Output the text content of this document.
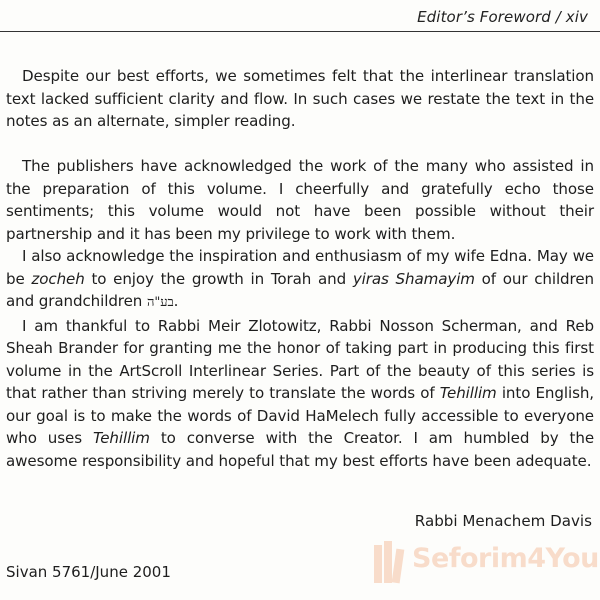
Editor’s Foreword / xiv

Despite our best efforts, we sometimes felt that the interlinear translation text lacked sufficient clarity and flow. In such cases we restate the text in the notes as an alternate, simpler reading.

The publishers have acknowledged the work of the many who assisted in the preparation of this volume. I cheerfully and gratefully echo those sentiments; this volume would not have been possible without their partnership and it has been my privilege to work with them.

I also acknowledge the inspiration and enthusiasm of my wife Edna. May we be zocheh to enjoy the growth in Torah and yiras Shamayim of our children and grandchildren בע"ה.

I am thankful to Rabbi Meir Zlotowitz, Rabbi Nosson Scherman, and Reb Sheah Brander for granting me the honor of taking part in producing this first volume in the ArtScroll Interlinear Series. Part of the beauty of this series is that rather than striving merely to translate the words of Tehillim into English, our goal is to make the words of David HaMelech fully accessible to everyone who uses Tehillim to converse with the Creator. I am humbled by the awesome responsibility and hopeful that my best efforts have been adequate.

Rabbi Menachem Davis
Sivan 5761/June 2001	Seforim4You
